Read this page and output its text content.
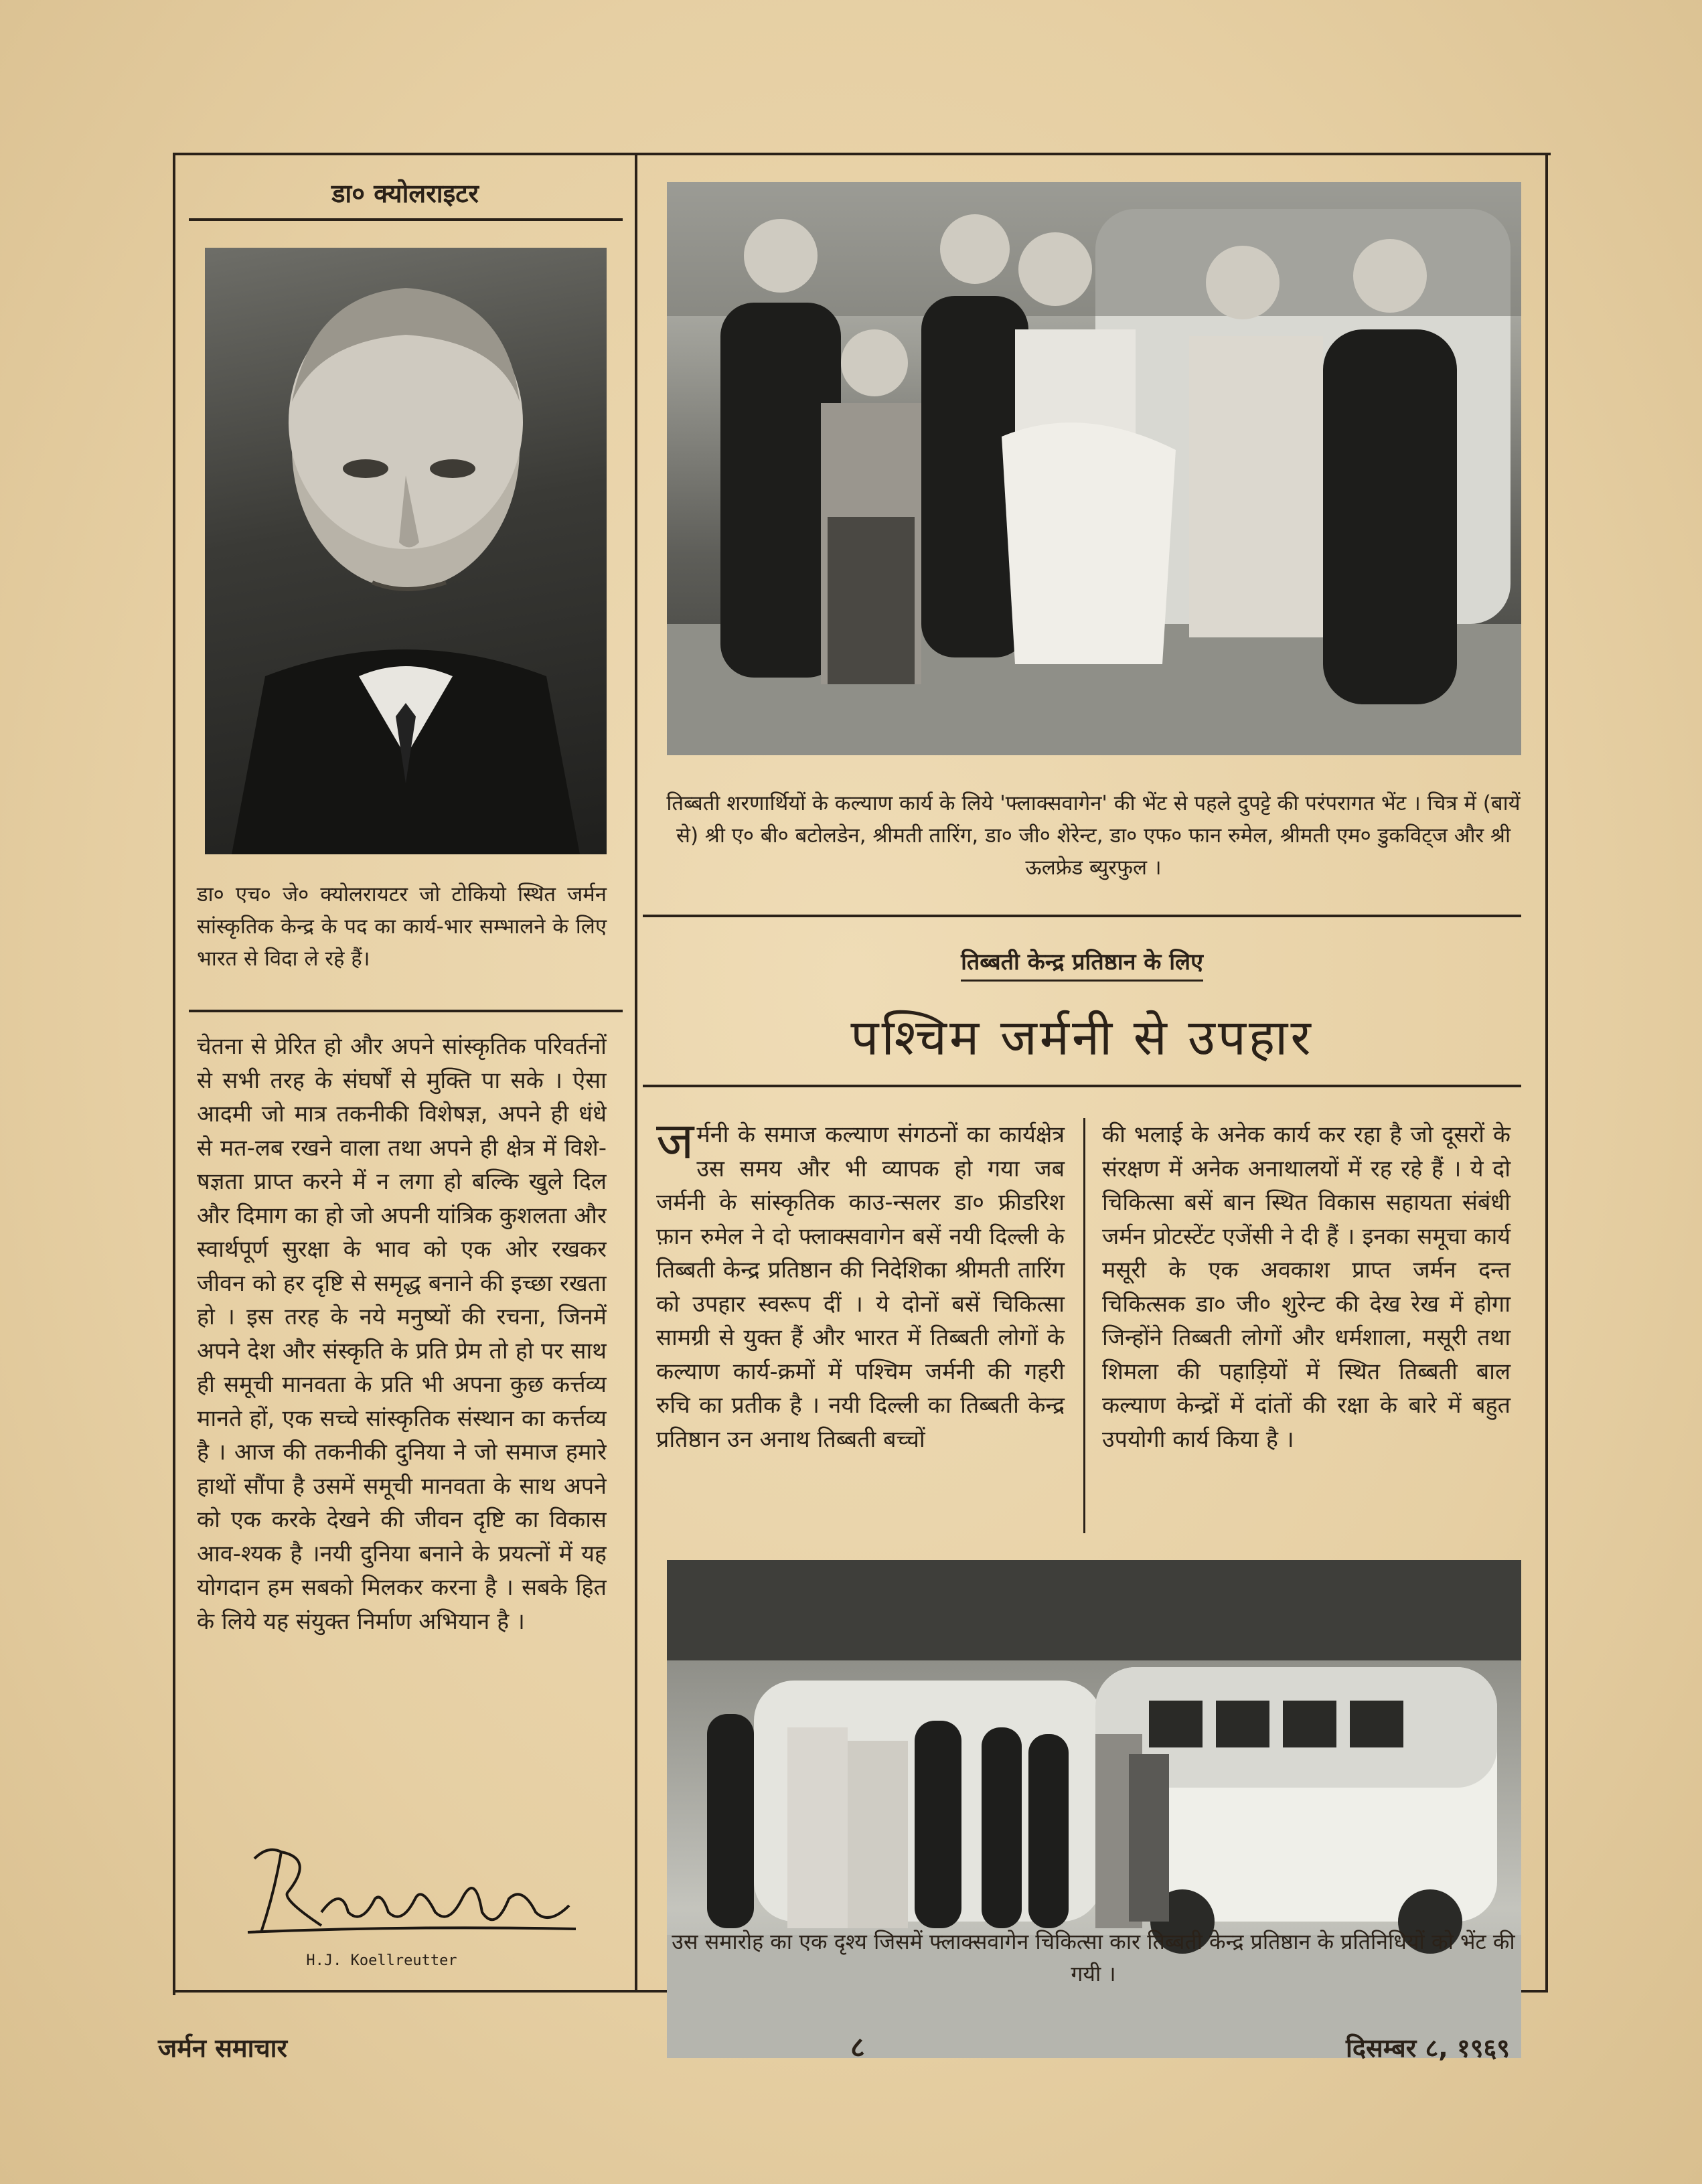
डा० क्योलराइटर
डा० एच० जे० क्योलरायटर जो टोकियो स्थित जर्मन सांस्कृतिक केन्द्र के पद का कार्य-भार सम्भालने के लिए भारत से विदा ले रहे हैं।
चेतना से प्रेरित हो और अपने सांस्कृतिक परिवर्तनों से सभी तरह के संघर्षों से मुक्ति पा सके । ऐसा आदमी जो मात्र तकनीकी विशेषज्ञ, अपने ही धंधे से मत-लब रखने वाला तथा अपने ही क्षेत्र में विशे-षज्ञता प्राप्त करने में न लगा हो बल्कि खुले दिल और दिमाग का हो जो अपनी यांत्रिक कुशलता और स्वार्थपूर्ण सुरक्षा के भाव को एक ओर रखकर जीवन को हर दृष्टि से समृद्ध बनाने की इच्छा रखता हो । इस तरह के नये मनुष्यों की रचना, जिनमें अपने देश और संस्कृति के प्रति प्रेम तो हो पर साथ ही समूची मानवता के प्रति भी अपना कुछ कर्त्तव्य मानते हों, एक सच्चे सांस्कृतिक संस्थान का कर्त्तव्य है । आज की तकनीकी दुनिया ने जो समाज हमारे हाथों सौंपा है उसमें समूची मानवता के साथ अपने को एक करके देखने की जीवन दृष्टि का विकास आव-श्यक है ।नयी दुनिया बनाने के प्रयत्नों में यह योगदान हम सबको मिलकर करना है । सबके हित के लिये यह संयुक्त निर्माण अभियान है ।
H.J. Koellreutter
तिब्बती शरणार्थियों के कल्याण कार्य के लिये 'फ्लाक्सवागेन' की भेंट से पहले दुपट्टे की परंपरागत भेंट । चित्र में (बायें से) श्री ए० बी० बटोलडेन, श्रीमती तारिंग, डा० जी० शेरेन्ट, डा० एफ० फान रुमेल, श्रीमती एम० डुकविट्ज और श्री ऊलफ्रेड ब्युरफुल ।
तिब्बती केन्द्र प्रतिष्ठान के लिए
पश्चिम जर्मनी से उपहार
जर्मनी के समाज कल्याण संगठनों का कार्यक्षेत्र उस समय और भी व्यापक हो गया जब जर्मनी के सांस्कृतिक काउ-न्सलर डा० फ्रीडरिश फ़ान रुमेल ने दो फ्लाक्सवागेन बसें नयी दिल्ली के तिब्बती केन्द्र प्रतिष्ठान की निदेशिका श्रीमती तारिंग को उपहार स्वरूप दीं । ये दोनों बसें चिकित्सा सामग्री से युक्त हैं और भारत में तिब्बती लोगों के कल्याण कार्य-क्रमों में पश्चिम जर्मनी की गहरी रुचि का प्रतीक है । नयी दिल्ली का तिब्बती केन्द्र प्रतिष्ठान उन अनाथ तिब्बती बच्चों
की भलाई के अनेक कार्य कर रहा है जो दूसरों के संरक्षण में अनेक अनाथालयों में रह रहे हैं । ये दो चिकित्सा बसें बान स्थित विकास सहायता संबंधी जर्मन प्रोटस्टेंट एजेंसी ने दी हैं । इनका समूचा कार्य मसूरी के एक अवकाश प्राप्त जर्मन दन्त चिकित्सक डा० जी० शुरेन्ट की देख रेख में होगा जिन्होंने तिब्बती लोगों और धर्मशाला, मसूरी तथा शिमला की पहाड़ियों में स्थित तिब्बती बाल कल्याण केन्द्रों में दांतों की रक्षा के बारे में बहुत उपयोगी कार्य किया है ।
उस समारोह का एक दृश्य जिसमें फ्लाक्सवागेन चिकित्सा कार तिब्बती केन्द्र प्रतिष्ठान के प्रतिनिधियों को भेंट की गयी ।
जर्मन समाचार	८	दिसम्बर ८, १९६९
